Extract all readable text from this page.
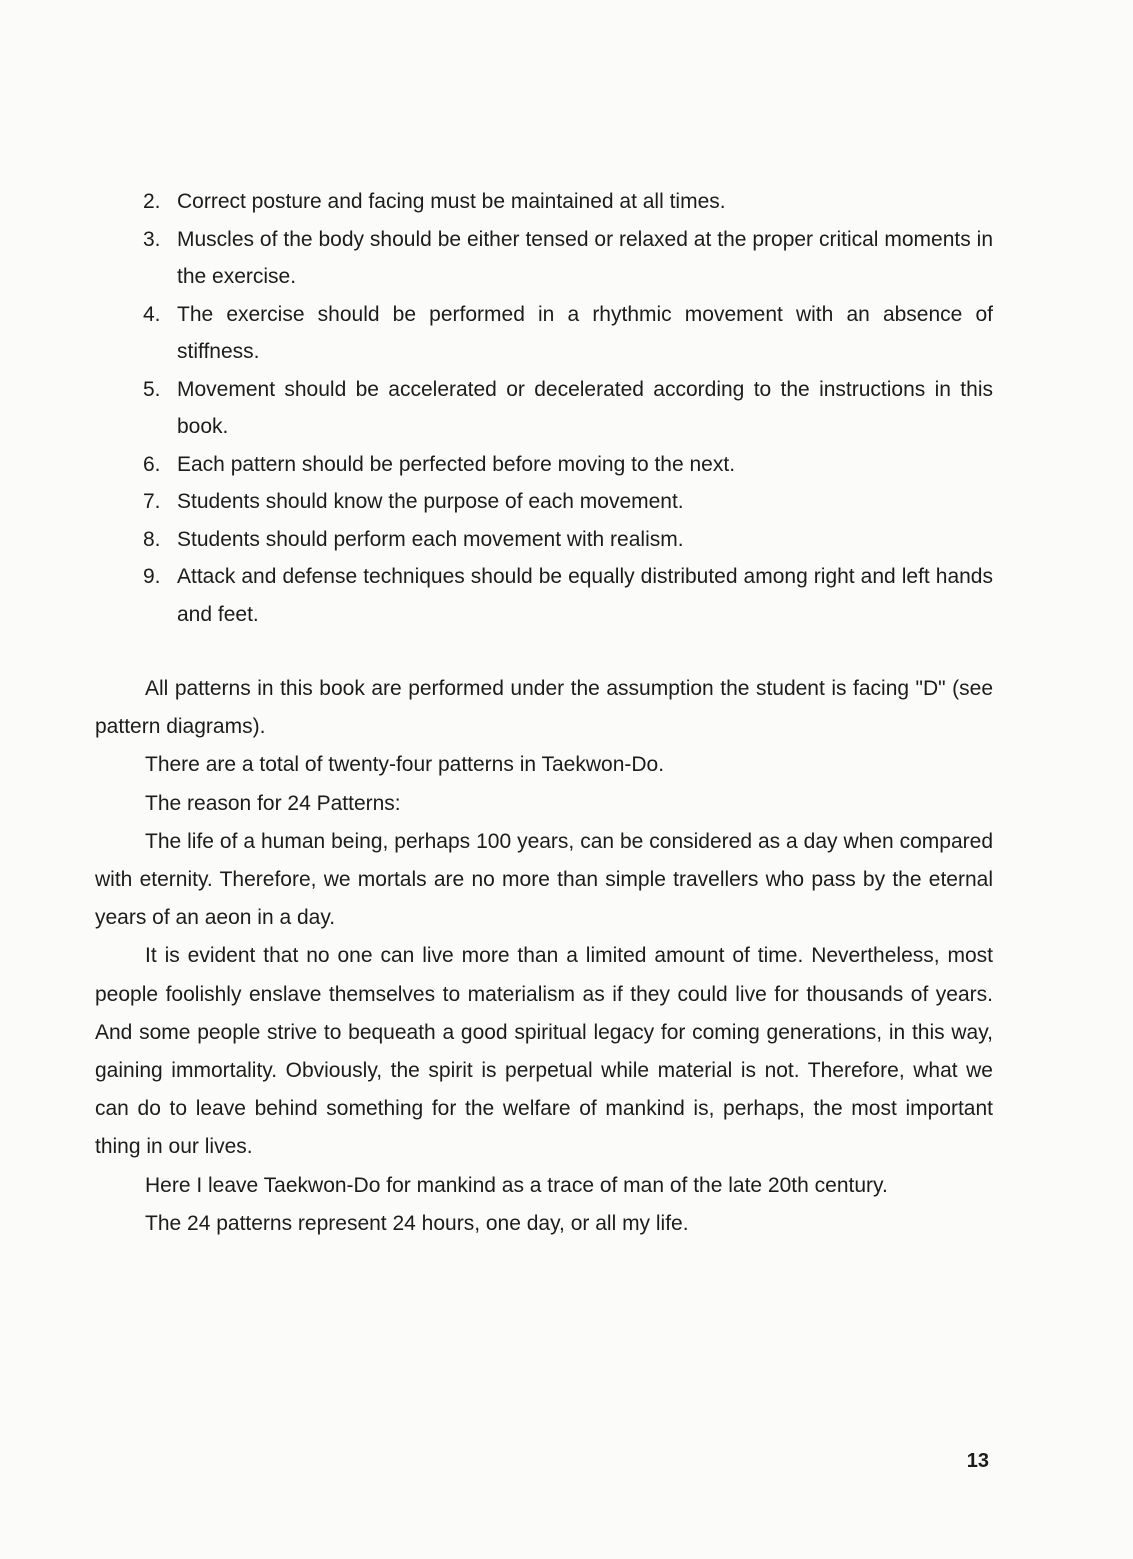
2. Correct posture and facing must be maintained at all times.
3. Muscles of the body should be either tensed or relaxed at the proper critical moments in the exercise.
4. The exercise should be performed in a rhythmic movement with an absence of stiffness.
5. Movement should be accelerated or decelerated according to the instructions in this book.
6. Each pattern should be perfected before moving to the next.
7. Students should know the purpose of each movement.
8. Students should perform each movement with realism.
9. Attack and defense techniques should be equally distributed among right and left hands and feet.

All patterns in this book are performed under the assumption the student is facing "D" (see pattern diagrams).

There are a total of twenty-four patterns in Taekwon-Do.

The reason for 24 Patterns:

The life of a human being, perhaps 100 years, can be considered as a day when compared with eternity. Therefore, we mortals are no more than simple travellers who pass by the eternal years of an aeon in a day.

It is evident that no one can live more than a limited amount of time. Nevertheless, most people foolishly enslave themselves to materialism as if they could live for thousands of years. And some people strive to bequeath a good spiritual legacy for coming generations, in this way, gaining immortality. Obviously, the spirit is perpetual while material is not. Therefore, what we can do to leave behind something for the welfare of mankind is, perhaps, the most important thing in our lives.

Here I leave Taekwon-Do for mankind as a trace of man of the late 20th century.

The 24 patterns represent 24 hours, one day, or all my life.

13
